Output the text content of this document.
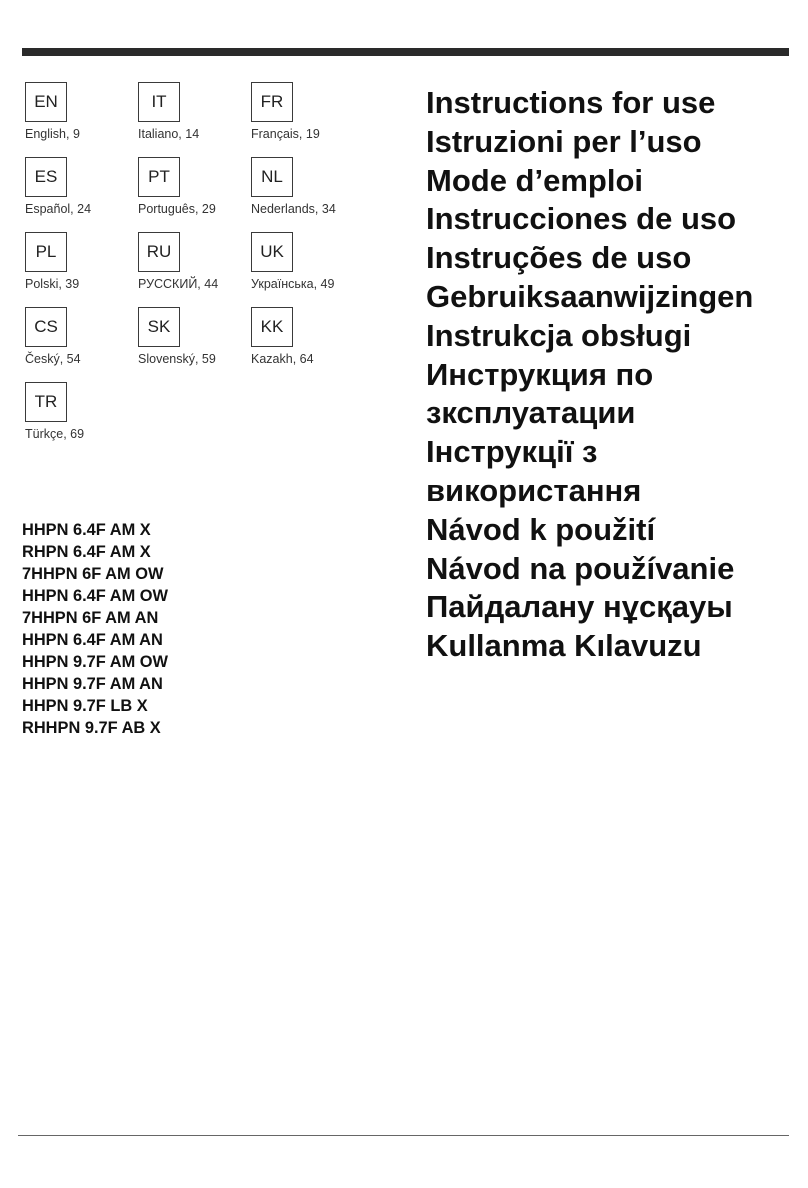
EN
English, 9
IT
Italiano, 14
FR
Français, 19
ES
Español, 24
PT
Português, 29
NL
Nederlands, 34
PL
Polski, 39
RU
РУССКИЙ, 44
UK
Українська, 49
CS
Český, 54
SK
Slovenský, 59
KK
Kazakh, 64
TR
Türkçe, 69
HHPN 6.4F AM X
RHPN 6.4F AM X
7HHPN 6F AM OW
HHPN 6.4F AM OW
7HHPN 6F AM AN
HHPN 6.4F AM AN
HHPN 9.7F AM OW
HHPN 9.7F AM AN
HHPN 9.7F LB X
RHHPN 9.7F AB X
Instructions for use
Istruzioni per l’uso
Mode d’emploi
Instrucciones de uso
Instruções de uso
Gebruiksaanwijzingen
Instrukcja obsługi
Инструкция по
зксплуатации
Інструкції з
використання
Návod k použití
Návod na používanie
Пайдалану нұсқауы
Kullanma Kılavuzu
